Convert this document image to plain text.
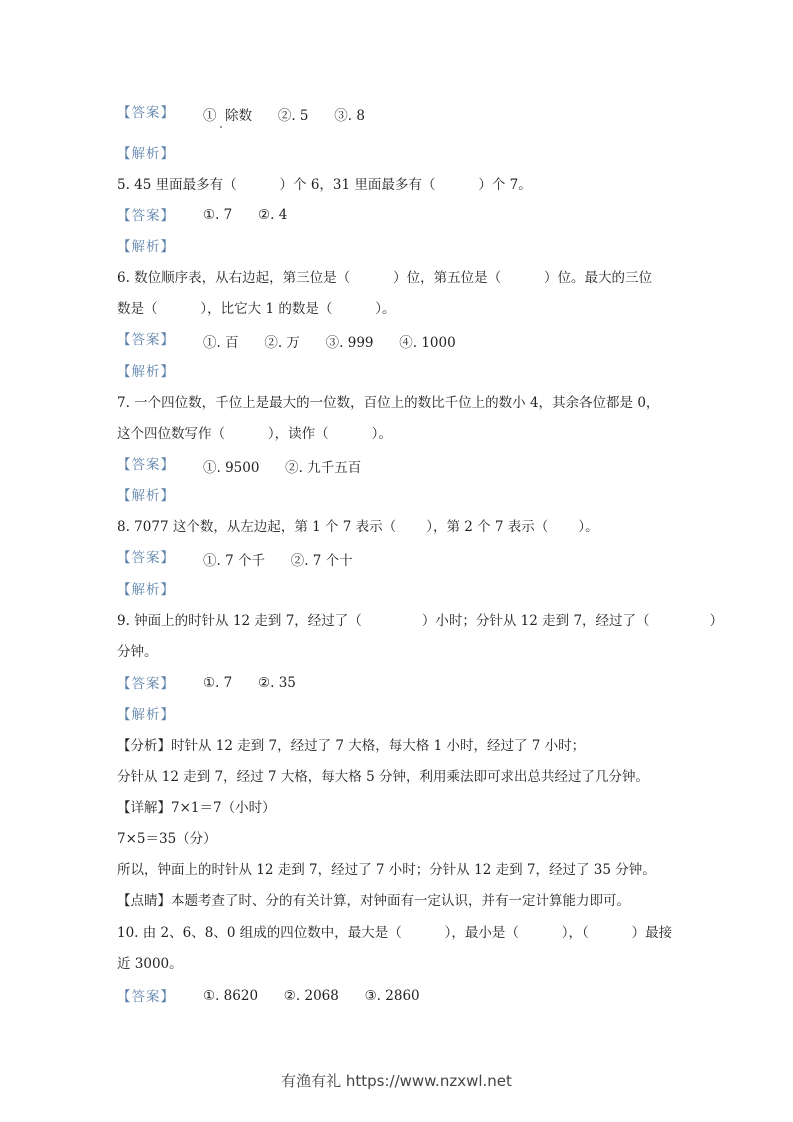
【答案】 ①  除数      ②. 5      ③. 8
【解析】
5. 45 里面最多有（          ）个 6，31 里面最多有（          ）个 7。
【答案】 ①. 7      ②. 4
【解析】
6. 数位顺序表，从右边起，第三位是（          ）位，第五位是（          ）位。最大的三位
数是（          ），比它大 1 的数是（          ）。
【答案】 ①. 百      ②. 万      ③. 999      ④. 1000
【解析】
7. 一个四位数，千位上是最大的一位数，百位上的数比千位上的数小 4，其余各位都是 0，
这个四位数写作（          ），读作（          ）。
【答案】 ①. 9500      ②. 九千五百
【解析】
8. 7077 这个数，从左边起，第 1 个 7 表示（       ），第 2 个 7 表示（       ）。
【答案】 ①. 7 个千      ②. 7 个十
【解析】
9. 钟面上的时针从 12 走到 7，经过了（              ）小时；分针从 12 走到 7，经过了（              ）
分钟。
【答案】 ①. 7      ②. 35
【解析】
【分析】时针从 12 走到 7，经过了 7 大格，每大格 1 小时，经过了 7 小时；
分针从 12 走到 7，经过 7 大格，每大格 5 分钟，利用乘法即可求出总共经过了几分钟。
【详解】7×1＝7（小时）
7×5＝35（分）
所以，钟面上的时针从 12 走到 7，经过了 7 小时；分针从 12 走到 7，经过了 35 分钟。
【点睛】本题考查了时、分的有关计算，对钟面有一定认识，并有一定计算能力即可。
10. 由 2、6、8、0 组成的四位数中，最大是（          ），最小是（          ），（          ）最接
近 3000。
【答案】 ①. 8620      ②. 2068      ③. 2860
有渔有礼 https://www.nzxwl.net
